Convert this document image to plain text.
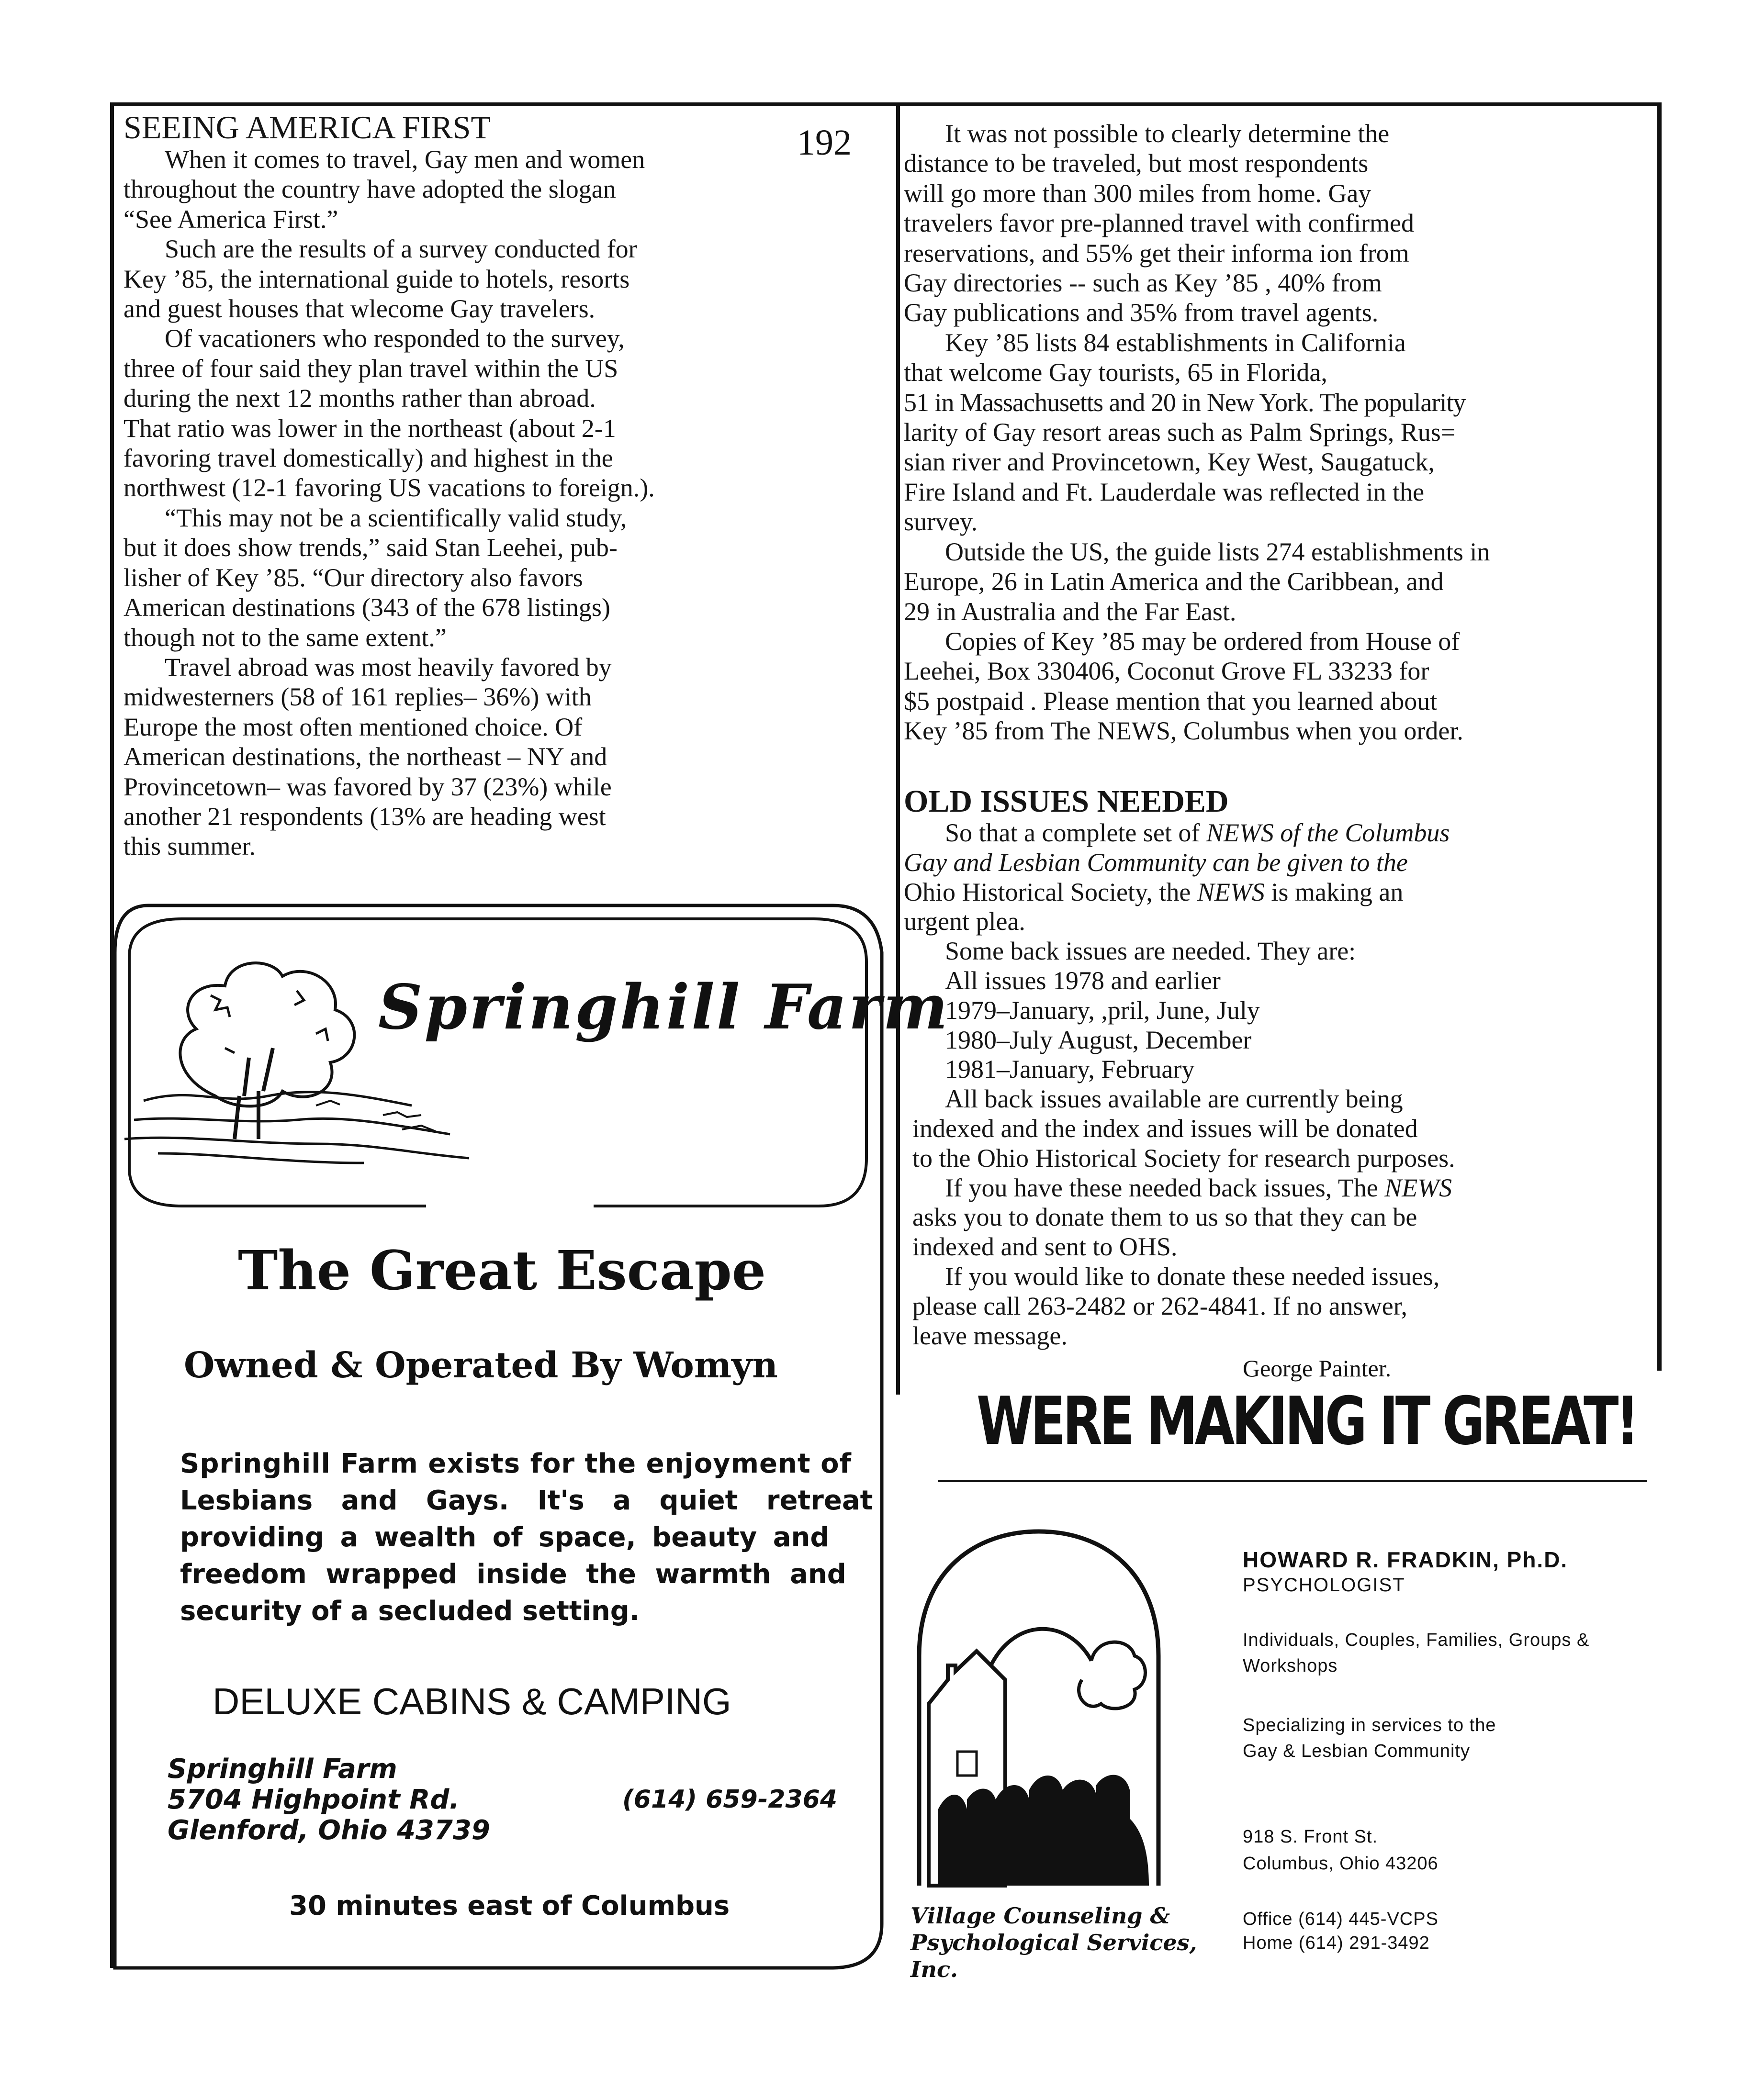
192
SEEING AMERICA FIRST
When it comes to travel, Gay men and women
throughout the country have adopted the slogan
“See America First.”
Such are the results of a survey conducted for
Key ’85, the international guide to hotels, resorts
and guest houses that wlecome Gay travelers.
Of vacationers who responded to the survey,
three of four said they plan travel within the US
during the next 12 months rather than abroad.
That ratio was lower in the northeast (about 2-1
favoring travel domestically) and highest in the
northwest (12-1 favoring US vacations to foreign.).
“This may not be a scientifically valid study,
but it does show trends,” said Stan Leehei, pub-
lisher of Key ’85. “Our directory also favors
American destinations (343 of the 678 listings)
though not to the same extent.”
Travel abroad was most heavily favored by
midwesterners (58 of 161 replies– 36%) with
Europe the most often mentioned choice. Of
American destinations, the northeast – NY and
Provincetown– was favored by 37 (23%) while
another 21 respondents (13% are heading west
this summer.
It was not possible to clearly determine the
distance to be traveled, but most respondents
will go more than 300 miles from home. Gay
travelers favor pre-planned travel with confirmed
reservations, and 55% get their informa ion from
Gay directories -- such as Key ’85 , 40% from
Gay publications and 35% from travel agents.
Key ’85 lists 84 establishments in California
that welcome Gay tourists, 65 in Florida,
51 in Massachusetts and 20 in New York. The popularity
larity of Gay resort areas such as Palm Springs, Rus=
sian river and Provincetown, Key West, Saugatuck,
Fire Island and Ft. Lauderdale was reflected in the
survey.
Outside the US, the guide lists 274 establishments in
Europe, 26 in Latin America and the Caribbean, and
29 in Australia and the Far East.
Copies of Key ’85 may be ordered from House of
Leehei, Box 330406, Coconut Grove FL 33233 for
$5 postpaid . Please mention that you learned about
Key ’85 from The NEWS, Columbus when you order.
OLD ISSUES NEEDED
So that a complete set of NEWS of the Columbus
Gay and Lesbian Community can be given to the
Ohio Historical Society, the NEWS is making an
urgent plea.
Some back issues are needed. They are:
All issues 1978 and earlier
1979–January, ,pril, June, July
1980–July August, December
1981–January, February
All back issues available are currently being
indexed and the index and issues will be donated
to the Ohio Historical Society for research purposes.
If you have these needed back issues, The NEWS
asks you to donate them to us so that they can be
indexed and sent to OHS.
If you would like to donate these needed issues,
please call 263-2482 or 262-4841. If no answer,
leave message.
George Painter.
WERE MAKING IT GREAT!
Springhill Farm
The Great Escape
Owned & Operated By Womyn
Springhill Farm exists for the enjoyment of
Lesbians and Gays. It's a quiet retreat
providing a wealth of space, beauty and
freedom wrapped inside the warmth and
security of a secluded setting.
DELUXE CABINS & CAMPING
Springhill Farm
5704 Highpoint Rd.
Glenford, Ohio 43739
(614) 659-2364
30 minutes east of Columbus	Village Counseling &
Psychological Services,
Inc.
HOWARD R. FRADKIN, Ph.D.
PSYCHOLOGIST
Individuals, Couples, Families, Groups &
Workshops
Specializing in services to the
Gay & Lesbian Community
918 S. Front St.
Columbus, Ohio 43206
Office (614) 445-VCPS
Home (614) 291-3492
